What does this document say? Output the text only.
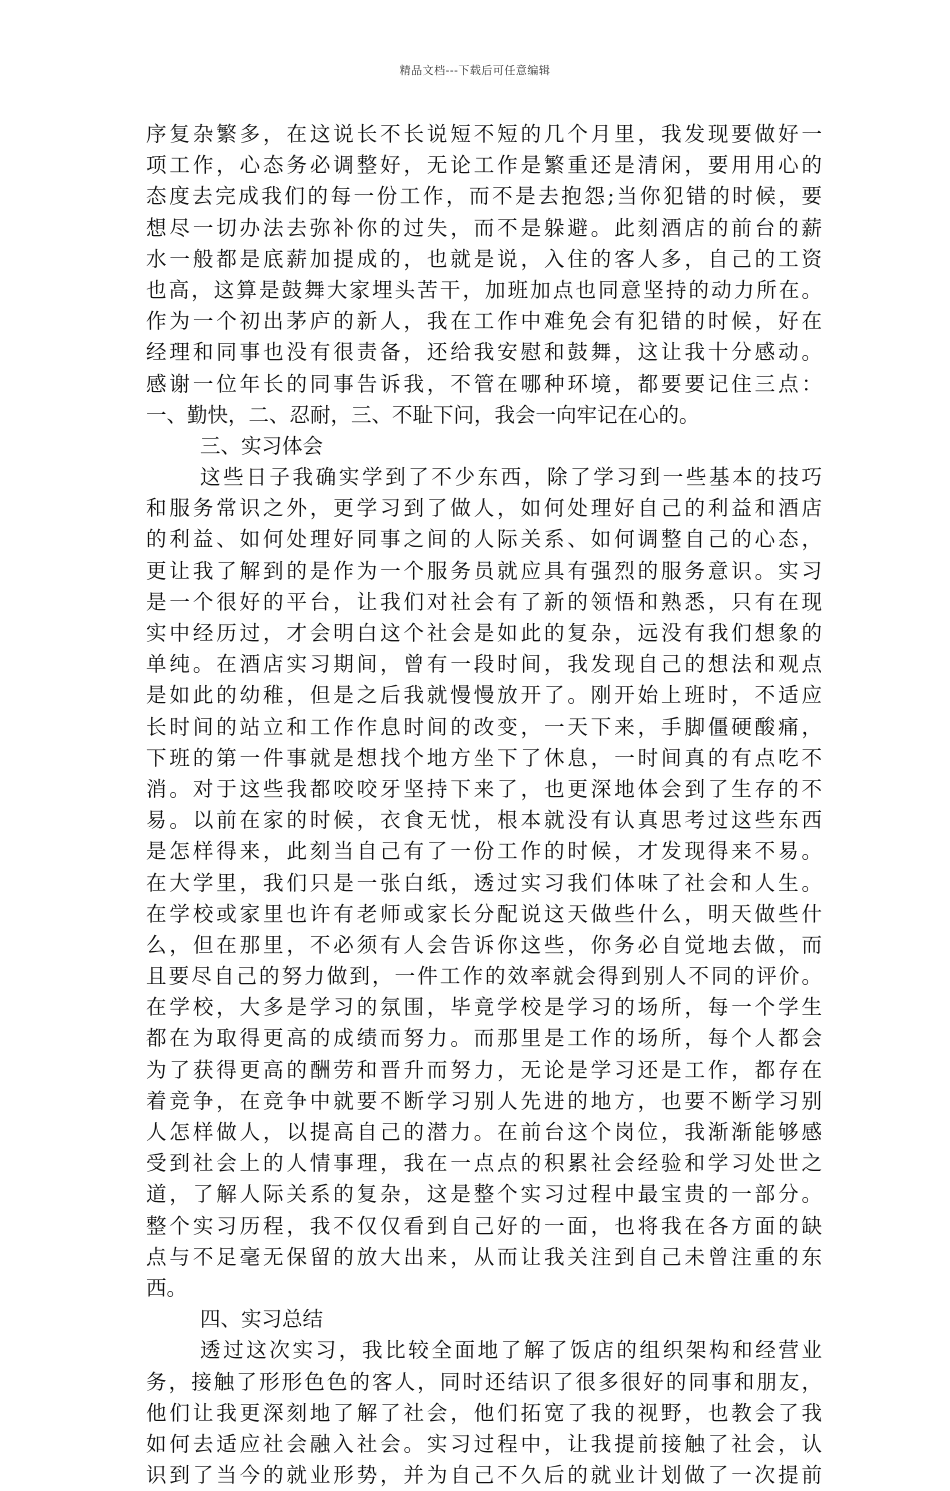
精品文档---下载后可任意编辑
序复杂繁多，在这说长不长说短不短的几个月里，我发现要做好一
项工作，心态务必调整好，无论工作是繁重还是清闲，要用用心的
态度去完成我们的每一份工作，而不是去抱怨;当你犯错的时候，要
想尽一切办法去弥补你的过失，而不是躲避。此刻酒店的前台的薪
水一般都是底薪加提成的，也就是说，入住的客人多，自己的工资
也高，这算是鼓舞大家埋头苦干，加班加点也同意坚持的动力所在。
作为一个初出茅庐的新人，我在工作中难免会有犯错的时候，好在
经理和同事也没有很责备，还给我安慰和鼓舞，这让我十分感动。
感谢一位年长的同事告诉我，不管在哪种环境，都要要记住三点：
一、勤快，二、忍耐，三、不耻下问，我会一向牢记在心的。
三、实习体会
这些日子我确实学到了不少东西，除了学习到一些基本的技巧
和服务常识之外，更学习到了做人，如何处理好自己的利益和酒店
的利益、如何处理好同事之间的人际关系、如何调整自己的心态，
更让我了解到的是作为一个服务员就应具有强烈的服务意识。实习
是一个很好的平台，让我们对社会有了新的领悟和熟悉，只有在现
实中经历过，才会明白这个社会是如此的复杂，远没有我们想象的
单纯。在酒店实习期间，曾有一段时间，我发现自己的想法和观点
是如此的幼稚，但是之后我就慢慢放开了。刚开始上班时，不适应
长时间的站立和工作作息时间的改变，一天下来，手脚僵硬酸痛，
下班的第一件事就是想找个地方坐下了休息，一时间真的有点吃不
消。对于这些我都咬咬牙坚持下来了，也更深地体会到了生存的不
易。以前在家的时候，衣食无忧，根本就没有认真思考过这些东西
是怎样得来，此刻当自己有了一份工作的时候，才发现得来不易。
在大学里，我们只是一张白纸，透过实习我们体味了社会和人生。
在学校或家里也许有老师或家长分配说这天做些什么，明天做些什
么，但在那里，不必须有人会告诉你这些，你务必自觉地去做，而
且要尽自己的努力做到，一件工作的效率就会得到别人不同的评价。
在学校，大多是学习的氛围，毕竟学校是学习的场所，每一个学生
都在为取得更高的成绩而努力。而那里是工作的场所，每个人都会
为了获得更高的酬劳和晋升而努力，无论是学习还是工作，都存在
着竞争，在竞争中就要不断学习别人先进的地方，也要不断学习别
人怎样做人，以提高自己的潜力。在前台这个岗位，我渐渐能够感
受到社会上的人情事理，我在一点点的积累社会经验和学习处世之
道，了解人际关系的复杂，这是整个实习过程中最宝贵的一部分。
整个实习历程，我不仅仅看到自己好的一面，也将我在各方面的缺
点与不足毫无保留的放大出来，从而让我关注到自己未曾注重的东
西。
四、实习总结
透过这次实习，我比较全面地了解了饭店的组织架构和经营业
务，接触了形形色色的客人，同时还结识了很多很好的同事和朋友，
他们让我更深刻地了解了社会，他们拓宽了我的视野，也教会了我
如何去适应社会融入社会。实习过程中，让我提前接触了社会，认
识到了当今的就业形势，并为自己不久后的就业计划做了一次提前
